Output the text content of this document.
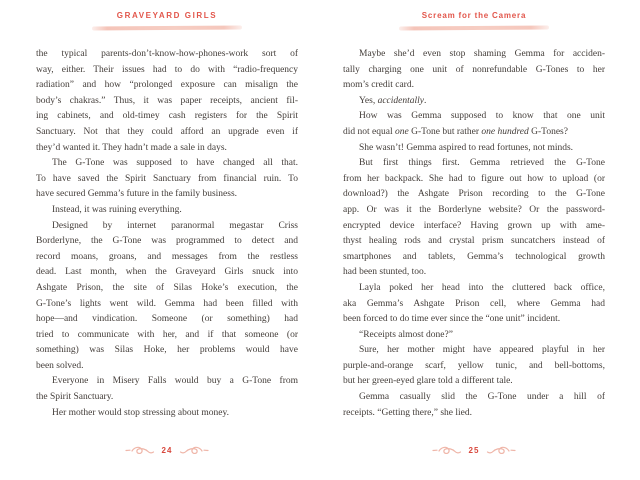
GRAVEYARD GIRLS
the typical parents-don’t-know-how-phones-work sort of
way, either. Their issues had to do with “radio-frequency
radiation” and how “prolonged exposure can misalign the
body’s chakras.” Thus, it was paper receipts, ancient fil-
ing cabinets, and old-timey cash registers for the Spirit
Sanctuary. Not that they could afford an upgrade even if
they’d wanted it. They hadn’t made a sale in days.
The G-Tone was supposed to have changed all that.
To have saved the Spirit Sanctuary from financial ruin. To
have secured Gemma’s future in the family business.
Instead, it was ruining everything.
Designed by internet paranormal megastar Criss
Borderlyne, the G-Tone was programmed to detect and
record moans, groans, and messages from the restless
dead. Last month, when the Graveyard Girls snuck into
Ashgate Prison, the site of Silas Hoke’s execution, the
G-Tone’s lights went wild. Gemma had been filled with
hope—and vindication. Someone (or something) had
tried to communicate with her, and if that someone (or
something) was Silas Hoke, her problems would have
been solved.
Everyone in Misery Falls would buy a G-Tone from
the Spirit Sanctuary.
Her mother would stop stressing about money.
24
Scream for the Camera
Maybe she’d even stop shaming Gemma for acciden-
tally charging one unit of nonrefundable G-Tones to her
mom’s credit card.
Yes, accidentally.
How was Gemma supposed to know that one unit
did not equal one G-Tone but rather one hundred G-Tones?
She wasn’t! Gemma aspired to read fortunes, not minds.
But first things first. Gemma retrieved the G-Tone
from her backpack. She had to figure out how to upload (or
download?) the Ashgate Prison recording to the G-Tone
app. Or was it the Borderlyne website? Or the password-
encrypted device interface? Having grown up with ame-
thyst healing rods and crystal prism suncatchers instead of
smartphones and tablets, Gemma’s technological growth
had been stunted, too.
Layla poked her head into the cluttered back office,
aka Gemma’s Ashgate Prison cell, where Gemma had
been forced to do time ever since the “one unit” incident.
“Receipts almost done?”
Sure, her mother might have appeared playful in her
purple-and-orange scarf, yellow tunic, and bell-bottoms,
but her green-eyed glare told a different tale.
Gemma casually slid the G-Tone under a hill of
receipts. “Getting there,” she lied.
25
